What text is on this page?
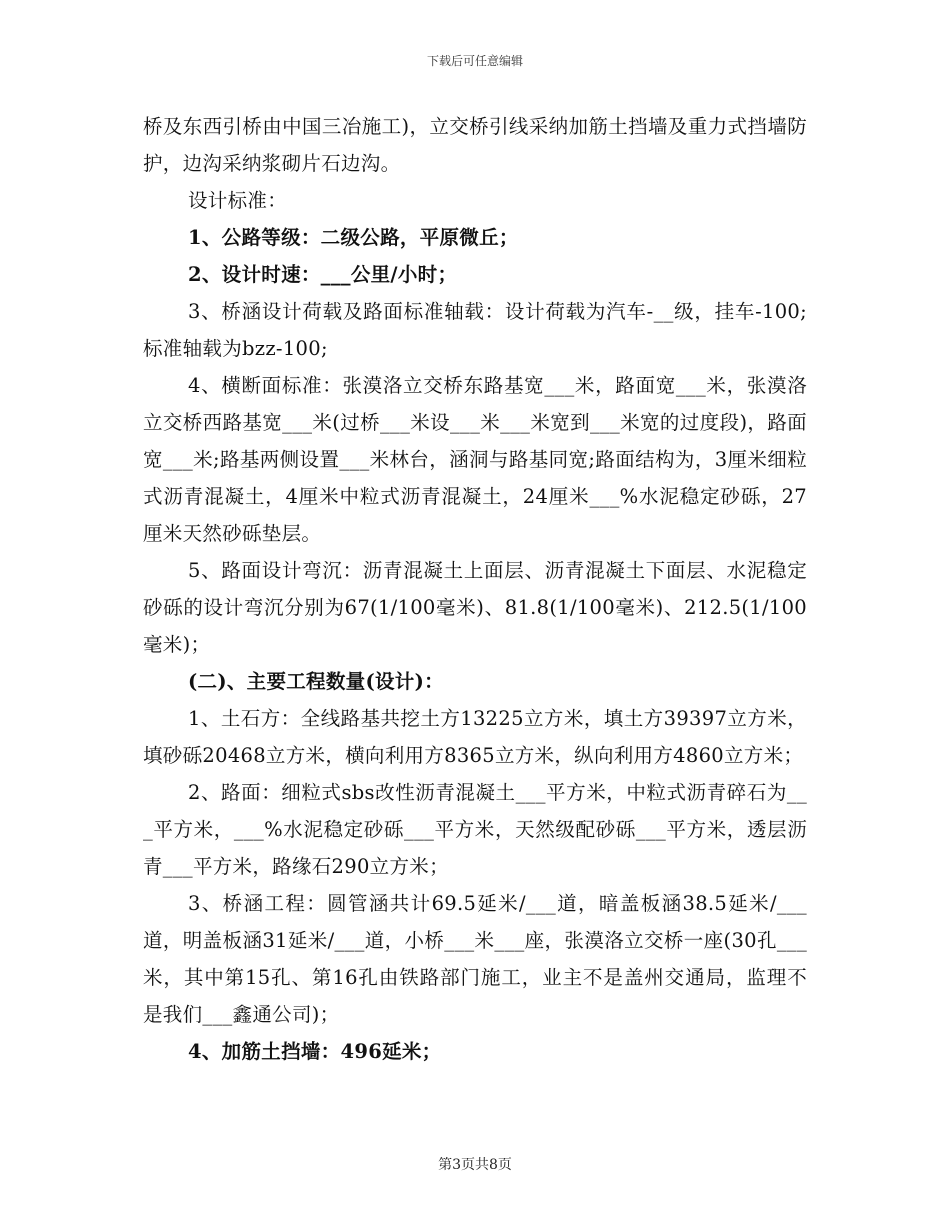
下载后可任意编辑

桥及东西引桥由中国三冶施工)，立交桥引线采纳加筋土挡墙及重力式挡墙防护，边沟采纳浆砌片石边沟。

设计标准：

1、公路等级：二级公路，平原微丘；

2、设计时速：___公里/小时；

3、桥涵设计荷载及路面标准轴载：设计荷载为汽车-__级，挂车-100;标准轴载为bzz-100;

4、横断面标准：张漠洛立交桥东路基宽___米，路面宽___米，张漠洛立交桥西路基宽___米(过桥___米设___米___米宽到___米宽的过度段)，路面宽___米;路基两侧设置___米林台，涵洞与路基同宽;路面结构为，3厘米细粒式沥青混凝土，4厘米中粒式沥青混凝土，24厘米___%水泥稳定砂砾，27厘米天然砂砾垫层。

5、路面设计弯沉：沥青混凝土上面层、沥青混凝土下面层、水泥稳定砂砾的设计弯沉分别为67(1/100毫米)、81.8(1/100毫米)、212.5(1/100毫米)；

(二)、主要工程数量(设计)：

1、土石方：全线路基共挖土方13225立方米，填土方39397立方米，填砂砾20468立方米，横向利用方8365立方米，纵向利用方4860立方米；

2、路面：细粒式sbs改性沥青混凝土___平方米，中粒式沥青碎石为___平方米，___%水泥稳定砂砾___平方米，天然级配砂砾___平方米，透层沥青___平方米，路缘石290立方米；

3、桥涵工程：圆管涵共计69.5延米/___道，暗盖板涵38.5延米/___道，明盖板涵31延米/___道，小桥___米___座，张漠洛立交桥一座(30孔___米，其中第15孔、第16孔由铁路部门施工，业主不是盖州交通局，监理不是我们___鑫通公司)；

4、加筋土挡墙：496延米；

第3页共8页
